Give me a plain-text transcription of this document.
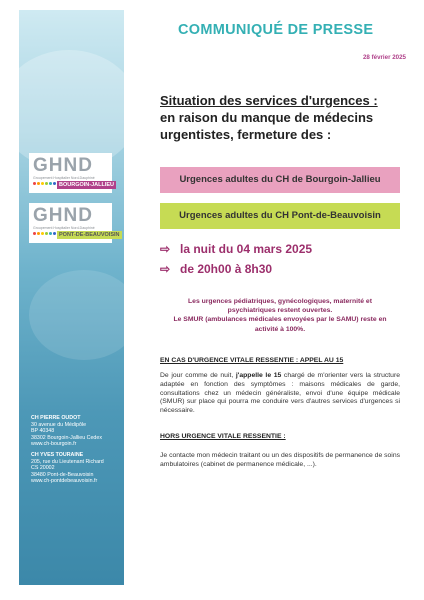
GHND
Groupement Hospitalier Nord-Dauphiné
BOURGOIN-JALLIEU
GHND
Groupement Hospitalier Nord-Dauphiné
PONT-DE-BEAUVOISIN
CH PIERRE OUDOT
30 avenue du Médipôle
BP 40348
38302 Bourgoin-Jallieu Cedex
www.ch-bourgoin.fr
CH YVES TOURAINE
205, rue du Lieutenant Richard
CS 20002
38480 Pont-de-Beauvoisin
www.ch-pontdebeauvoisin.fr
COMMUNIQUÉ DE PRESSE
28 février 2025
Situation des services d'urgences :
en raison du manque de médecins
urgentistes, fermeture des :
Urgences adultes du CH de Bourgoin-Jallieu
Urgences adultes du CH Pont-de-Beauvoisin
⇨ la nuit du 04 mars 2025
⇨ de 20h00 à 8h30
Les urgences pédiatriques, gynécologiques, maternité et
psychiatriques restent ouvertes.
Le SMUR (ambulances médicales envoyées par le SAMU) reste en
activité à 100%.
EN CAS D'URGENCE VITALE RESSENTIE : APPEL AU 15
De jour comme de nuit, j'appelle le 15 chargé de m'orienter vers la structure adaptée en fonction des symptômes : maisons médicales de garde, consultations chez un médecin généraliste, envoi d'une équipe médicale (SMUR) sur place qui pourra me conduire vers d'autres services d'urgences si nécessaire.
HORS URGENCE VITALE RESSENTIE :
Je contacte mon médecin traitant ou un des dispositifs de permanence de soins ambulatoires (cabinet de permanence médicale, ...).
